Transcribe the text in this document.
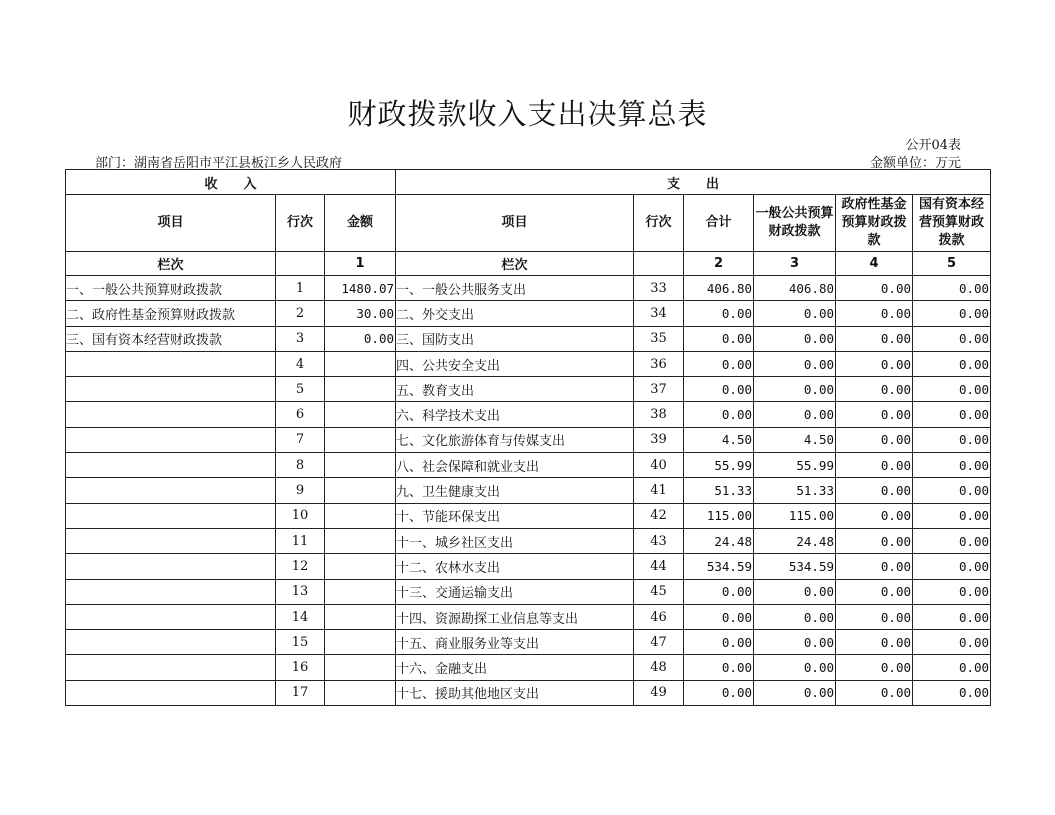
财政拨款收入支出决算总表
公开04表
部门：湖南省岳阳市平江县板江乡人民政府	金额单位：万元
收　　入			支　　出					
项目	行次	金额	项目	行次	合计	一般公共预算财政拨款	政府性基金预算财政拨款	国有资本经营预算财政拨款
栏次		1	栏次		2	3	4	5
一、一般公共预算财政拨款	1	1480.07	一、一般公共服务支出	33	406.80	406.80	0.00	0.00
二、政府性基金预算财政拨款	2	30.00	二、外交支出	34	0.00	0.00	0.00	0.00
三、国有资本经营财政拨款	3	0.00	三、国防支出	35	0.00	0.00	0.00	0.00
	4		四、公共安全支出	36	0.00	0.00	0.00	0.00
	5		五、教育支出	37	0.00	0.00	0.00	0.00
	6		六、科学技术支出	38	0.00	0.00	0.00	0.00
	7		七、文化旅游体育与传媒支出	39	4.50	4.50	0.00	0.00
	8		八、社会保障和就业支出	40	55.99	55.99	0.00	0.00
	9		九、卫生健康支出	41	51.33	51.33	0.00	0.00
	10		十、节能环保支出	42	115.00	115.00	0.00	0.00
	11		十一、城乡社区支出	43	24.48	24.48	0.00	0.00
	12		十二、农林水支出	44	534.59	534.59	0.00	0.00
	13		十三、交通运输支出	45	0.00	0.00	0.00	0.00
	14		十四、资源勘探工业信息等支出	46	0.00	0.00	0.00	0.00
	15		十五、商业服务业等支出	47	0.00	0.00	0.00	0.00
	16		十六、金融支出	48	0.00	0.00	0.00	0.00
	17		十七、援助其他地区支出	49	0.00	0.00	0.00	0.00
